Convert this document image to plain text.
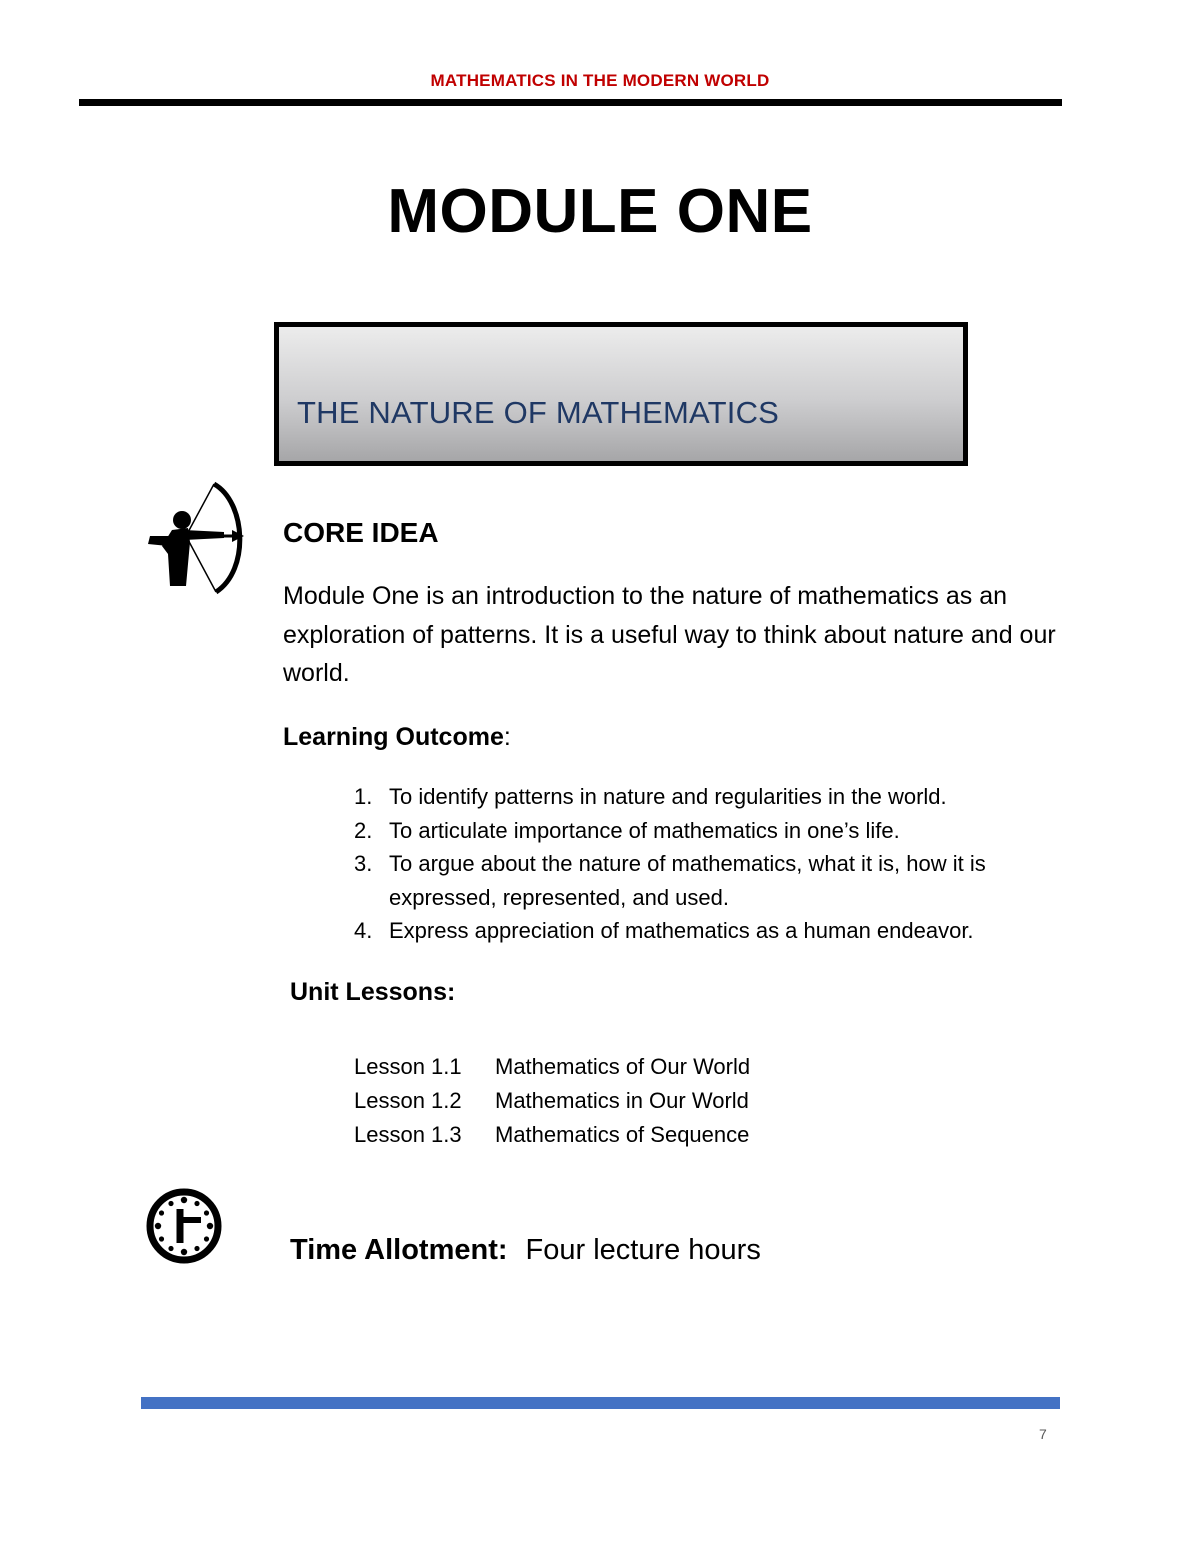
MATHEMATICS IN THE MODERN WORLD
MODULE ONE
THE NATURE OF MATHEMATICS
CORE IDEA
Module One is an introduction to the nature of mathematics as an exploration of patterns. It is a useful way to think about nature and our world.
Learning Outcome:
1. To identify patterns in nature and regularities in the world.
2. To articulate importance of mathematics in one’s life.
3. To argue about the nature of mathematics, what it is, how it is expressed, represented, and used.
4. Express appreciation of mathematics as a human endeavor.
Unit Lessons:
Lesson 1.1	Mathematics of Our World
Lesson 1.2	Mathematics in Our World
Lesson 1.3	Mathematics of Sequence
Time Allotment: Four lecture hours
7
